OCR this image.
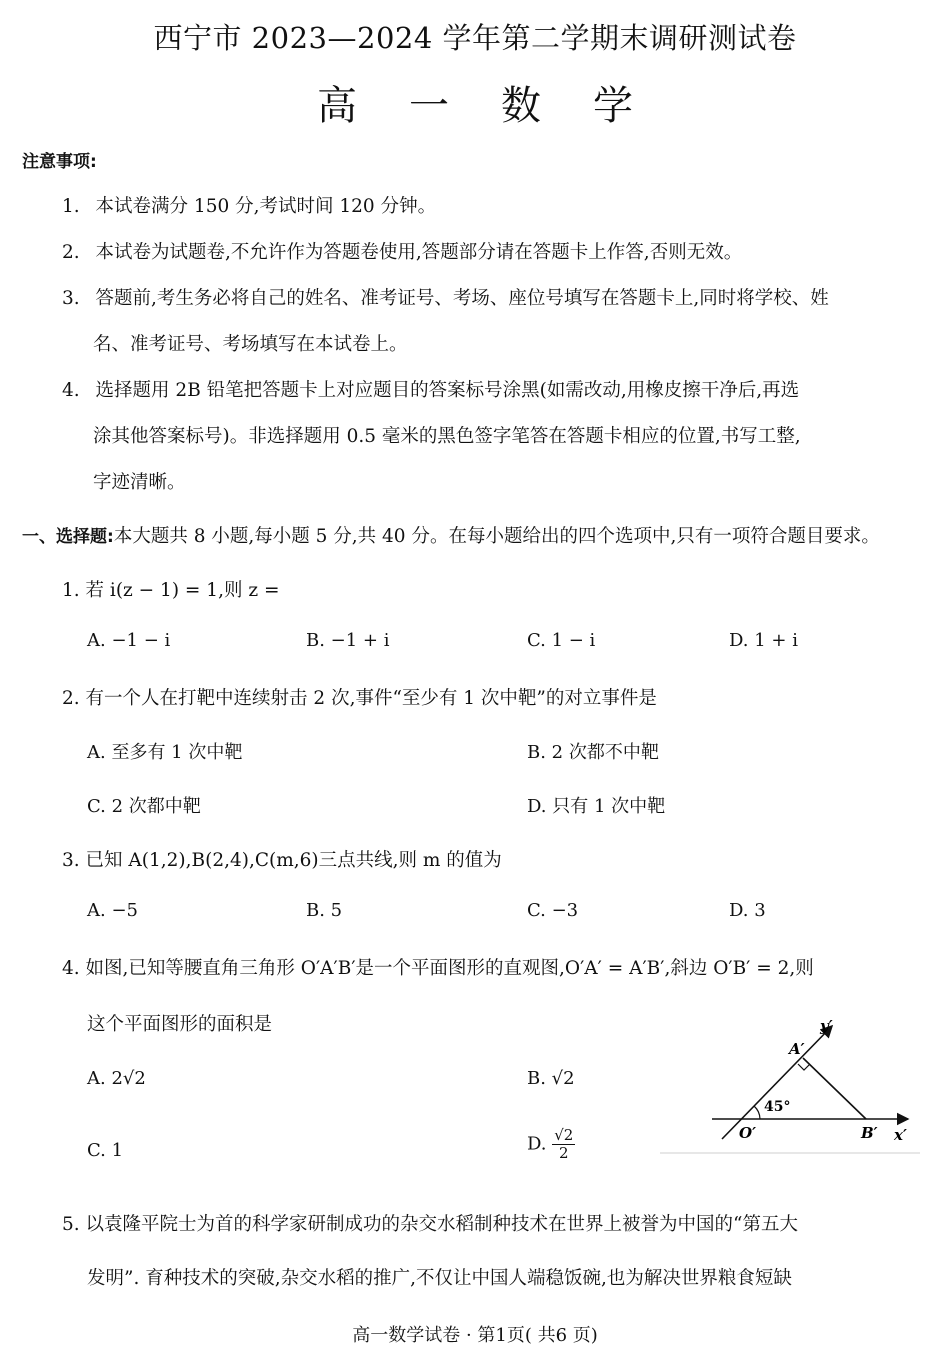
西宁市 2023—2024 学年第二学期末调研测试卷
高一数学
注意事项:
1. 本试卷满分 150 分,考试时间 120 分钟。
2. 本试卷为试题卷,不允许作为答题卷使用,答题部分请在答题卡上作答,否则无效。
3. 答题前,考生务必将自己的姓名、准考证号、考场、座位号填写在答题卡上,同时将学校、姓
名、准考证号、考场填写在本试卷上。
4. 选择题用 2B 铅笔把答题卡上对应题目的答案标号涂黑(如需改动,用橡皮擦干净后,再选
涂其他答案标号)。非选择题用 0.5 毫米的黑色签字笔答在答题卡相应的位置,书写工整,
字迹清晰。
一、选择题:本大题共 8 小题,每小题 5 分,共 40 分。在每小题给出的四个选项中,只有一项符合题目要求。
1. 若 i(z − 1) = 1,则 z =
A. −1 − i	B. −1 + i	C. 1 − i	D. 1 + i
2. 有一个人在打靶中连续射击 2 次,事件“至少有 1 次中靶”的对立事件是
A. 至多有 1 次中靶	B. 2 次都不中靶
C. 2 次都中靶	D. 只有 1 次中靶
3. 已知 A(1,2),B(2,4),C(m,6)三点共线,则 m 的值为
A. −5	B. 5	C. −3	D. 3
4. 如图,已知等腰直角三角形 O′A′B′是一个平面图形的直观图,O′A′ = A′B′,斜边 O′B′ = 2,则
这个平面图形的面积是
A. 2√2	B. √2
C. 1	D. $\frac{√2}{2}$
y′
A′
45°
O′	B′ x′
5. 以袁隆平院士为首的科学家研制成功的杂交水稻制种技术在世界上被誉为中国的“第五大
发明”. 育种技术的突破,杂交水稻的推广,不仅让中国人端稳饭碗,也为解决世界粮食短缺
高一数学试卷 · 第1页( 共6 页)
